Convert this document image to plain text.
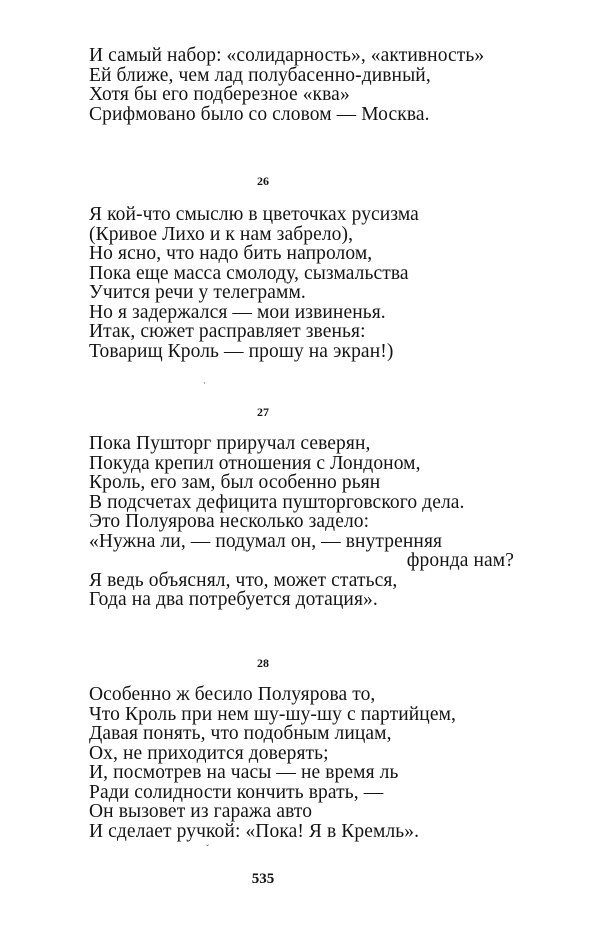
И самый набор: «солидарность», «активность»
Ей ближе, чем лад полубасенно-дивный,
Хотя бы его подберезное «ква»
Срифмовано было со словом — Москва.
26
Я кой-что смыслю в цветочках русизма
(Кривое Лихо и к нам забрело),
Но ясно, что надо бить напролом,
Пока еще масса смолоду, сызмальства
Учится речи у телеграмм.
Но я задержался — мои извиненья.
Итак, сюжет расправляет звенья:
Товарищ Кроль — прошу на экран!)
·
27
Пока Пушторг приручал северян,
Покуда крепил отношения с Лондоном,
Кроль, его зам, был особенно рьян
В подсчетах дефицита пушторговского дела.
Это Полуярова несколько задело:
«Нужна ли, — подумал он, — внутренняя
фронда нам?
Я ведь объяснял, что, может статься,
Года на два потребуется дотация».
28
Особенно ж бесило Полуярова то,
Что Кроль при нем шу-шу-шу с партийцем,
Давая понять, что подобным лицам,
Ох, не приходится доверять;
И, посмотрев на часы — не время ль
Ради солидности кончить врать, —
Он вызовет из гаража авто
И сделает ручкой: «Пока! Я в Кремль».
ˇ
535
